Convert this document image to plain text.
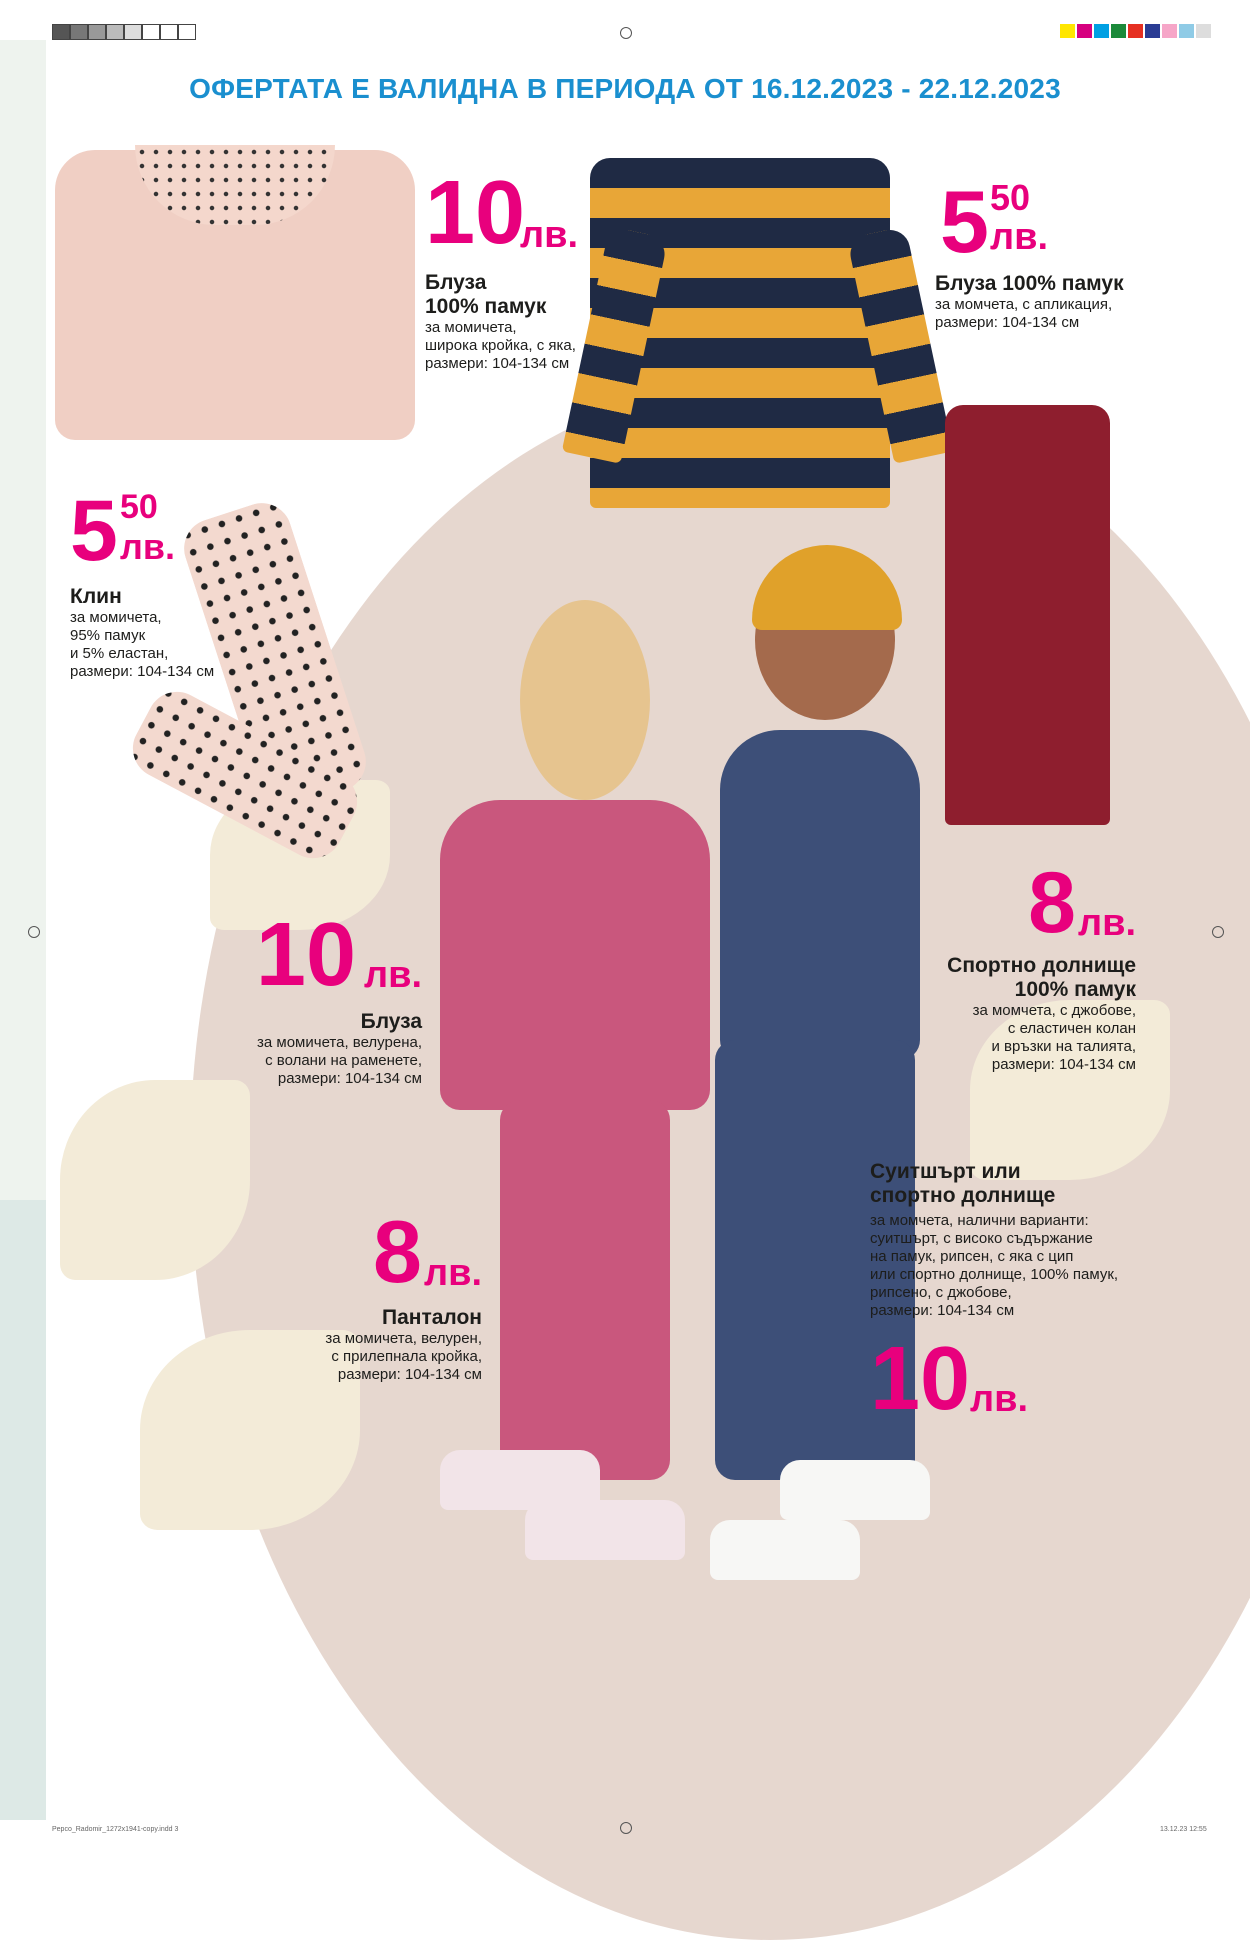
ОФЕРТАТА Е ВАЛИДНА В ПЕРИОДА ОТ 16.12.2023 - 22.12.2023
10
лв.
Блуза
100% памук
за момичета,
широка кройка, с яка,
размери: 104-134 см
5 50
лв.
Блуза 100% памук
за момчета, с апликация,
размери: 104-134 см
5 50
лв.
Клин
за момичета,
95% памук
и 5% еластан,
размери: 104-134 см
8 лв.
Спортно долнище
100% памук
за момчета, с джобове,
с еластичен колан
и връзки на талията,
размери: 104-134 см
10 лв.
Блуза
за момичета, велурена,
с волани на раменете,
размери: 104-134 см
8 лв.
Панталон
за момичета, велурен,
с прилепнала кройка,
размери: 104-134 см
Суитшърт или
спортно долнище
за момчета, налични варианти:
суитшърт, с високо съдържание
на памук, рипсен, с яка с цип
или спортно долнище, 100% памук,
рипсено, с джобове,
размери: 104-134 см
10 лв.
Pepco_Radomir_1272x1941-copy.indd 3	13.12.23 12:55
